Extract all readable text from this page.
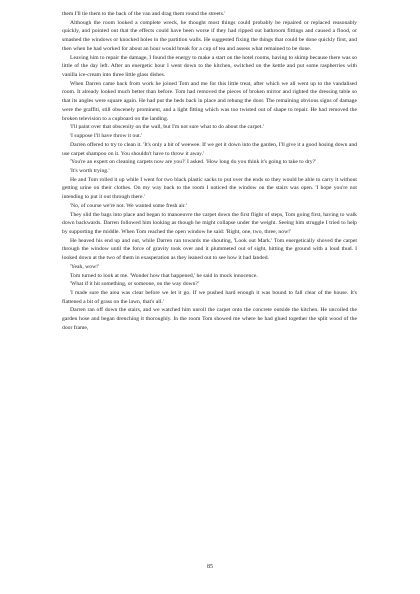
them I'll tie them to the back of the van and drag them round the streets.'

Although the room looked a complete wreck, he thought most things could probably be repaired or replaced reasonably quickly, and pointed out that the effects could have been worse if they had ripped out bathroom fittings and caused a flood, or smashed the windows or knocked holes in the partition walls. He suggested fixing the things that could be done quickly first, and then when he had worked for about an hour would break for a cup of tea and assess what remained to be done.

Leaving him to repair the damage, I found the energy to make a start on the hotel rooms, having to skimp because there was so little of the day left. After an energetic hour I went down to the kitchen, switched on the kettle and put some raspberries with vanilla ice-cream into three little glass dishes.

When Darren came back from work he joined Tom and me for this little treat, after which we all went up to the vandalised room. It already looked much better than before. Tom had removed the pieces of broken mirror and righted the dressing table so that its angles were square again. He had put the beds back in place and rehung the door. The remaining obvious signs of damage were the graffiti, still obscenely prominent, and a light fitting which was too twisted out of shape to repair. He had removed the broken television to a cupboard on the landing.

'I'll paint over that obscenity on the wall, but I'm not sure what to do about the carpet.'

'I suppose I'll have throw it out.'

Darren offered to try to clean it. 'It's only a bit of weewee. If we get it down into the garden, I'll give it a good hosing down and use carpet shampoo on it. You shouldn't have to throw it away.'

'You're an expert on cleaning carpets now are you?' I asked. 'How long do you think it's going to take to dry?'

'It's worth trying.'

He and Tom rolled it up while I went for two black plastic sacks to put over the ends so they would be able to carry it without getting urine on their clothes. On my way back to the room I noticed the window on the stairs was open. 'I hope you're not intending to put it out through there.'

'No, of course we're not. We wanted some fresh air.'

They slid the bags into place and began to manoeuvre the carpet down the first flight of steps, Tom going first, having to walk down backwards. Darren followed him looking as though he might collapse under the weight. Seeing him struggle I tried to help by supporting the middle. When Tom reached the open window he said: 'Right, one, two, three, now!'

He heaved his end up and out, while Darren ran towards me shouting, 'Look out Mark.' Tom energetically shoved the carpet through the window until the force of gravity took over and it plummeted out of sight, hitting the ground with a loud thud. I looked down at the two of them in exasperation as they leaned out to see how it had landed.

'Yeah, wow!'

Tom turned to look at me. 'Wonder how that happened,' he said in mock innocence.

'What if it hit something, or someone, on the way down?'

'I made sure the area was clear before we let it go. If we pushed hard enough it was bound to fall clear of the house. It's flattened a bit of grass on the lawn, that's all.'

Darren ran off down the stairs, and we watched him unroll the carpet onto the concrete outside the kitchen. He uncoiled the garden hose and began drenching it thoroughly. In the room Tom showed me where he had glued together the split wood of the door frame,

85
